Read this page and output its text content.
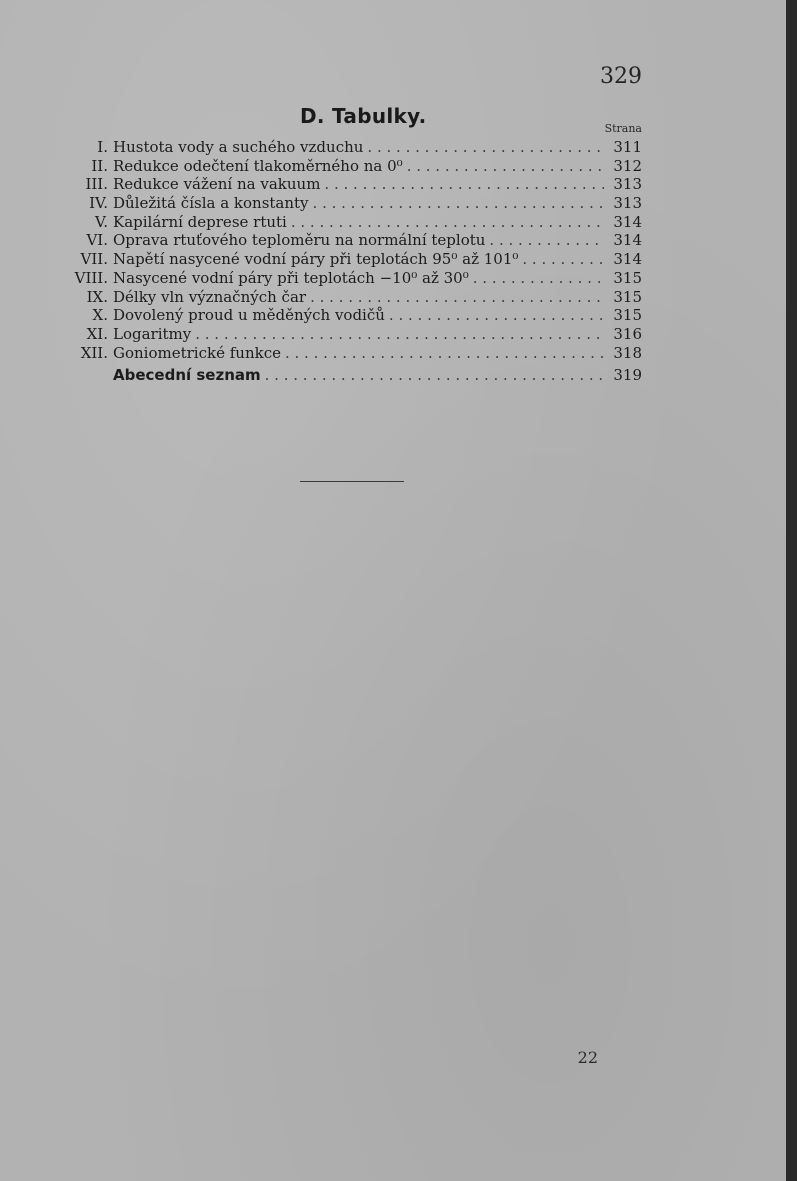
329
D. Tabulky.
Strana
I. Hustota vody a suchého vzduchu . . .	311
II. Redukce odečtení tlakoměrného na 0⁰ . . .	312
III. Redukce vážení na vakuum . . .	313
IV. Důležitá čísla a konstanty . . .	313
V. Kapilární deprese rtuti . . .	314
VI. Oprava rtuťového teploměru na normální teplotu . . .	314
VII. Napětí nasycené vodní páry při teplotách 95⁰ až 101⁰ . . .	314
VIII. Nasycené vodní páry při teplotách −10⁰ až 30⁰ . . .	315
IX. Délky vln význačných čar . . .	315
X. Dovolený proud u měděných vodičů . . .	315
XI. Logaritmy . . .	316
XII. Goniometrické funkce . . .	318
Abecední seznam . . .	319
22
